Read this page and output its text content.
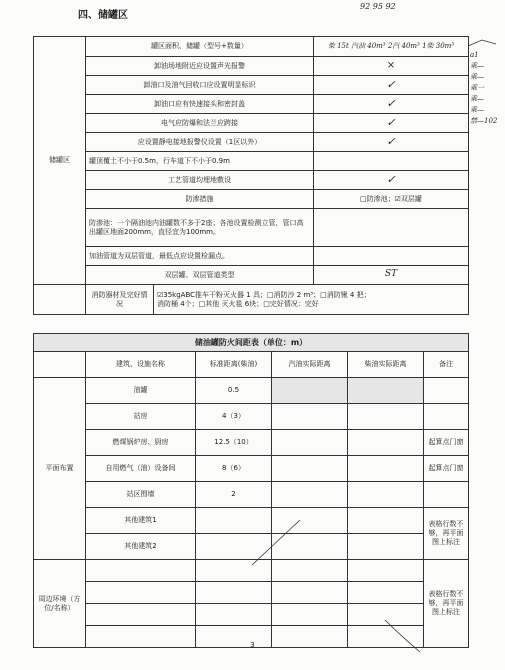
四、储罐区
92 95 92
储罐区	罐区面积、储罐（型号+数量）		柴 15t 汽油 40m³ 2汽 40m³ 1柴 30m³
	卸油场地附近应设置声光报警		×
	卸油口及油气回收口应设置明显标识		✓
	卸油口应有快速接头和密封盖		✓
	电气应防爆和法兰应跨接		✓
	应设置静电接地报警仪设置（1区以外）		✓
	罐顶覆土不小于0.5m，行车道下不小于0.9m		
	工艺管道均埋地敷设		✓
	防渗措施		□防渗池；☑双层罐
	防渗池：一个隔油池内油罐数不多于2座；各池设置检测立管，管口高出罐区地面200mm，直径宜为100mm。		
	加油管道为双层管道，最低点应设置检漏点。		
	双层罐、双层管道类型		ST
	消防器材及完好情况	☑35kgABC推车干粉灭火器 1 具；□消防沙 2 m³；□消防锹 4 把；
消防桶 4个；□其他 灭火毯 6块；□完好情况：完好	
储油罐防火间距表（单位：m）					
	建筑、设施名称	标准距离(柴油)	汽油实际距离	柴油实际距离	备注
平面布置	油罐	0.5			
	站房	4（3）			
	燃煤锅炉房、厨房	12.5（10）			起算点门窗
	自用燃气（油）设备间	8（6）			起算点门窗
	站区围墙	2			
	其他建筑1				表格行数不够，再平面图上标注
	其他建筑2				
周边环境（方位/名称）					表格行数不够，再平面图上标注

a1
乘—
乘—
乘一
乘—
乘—
禁—102
3
